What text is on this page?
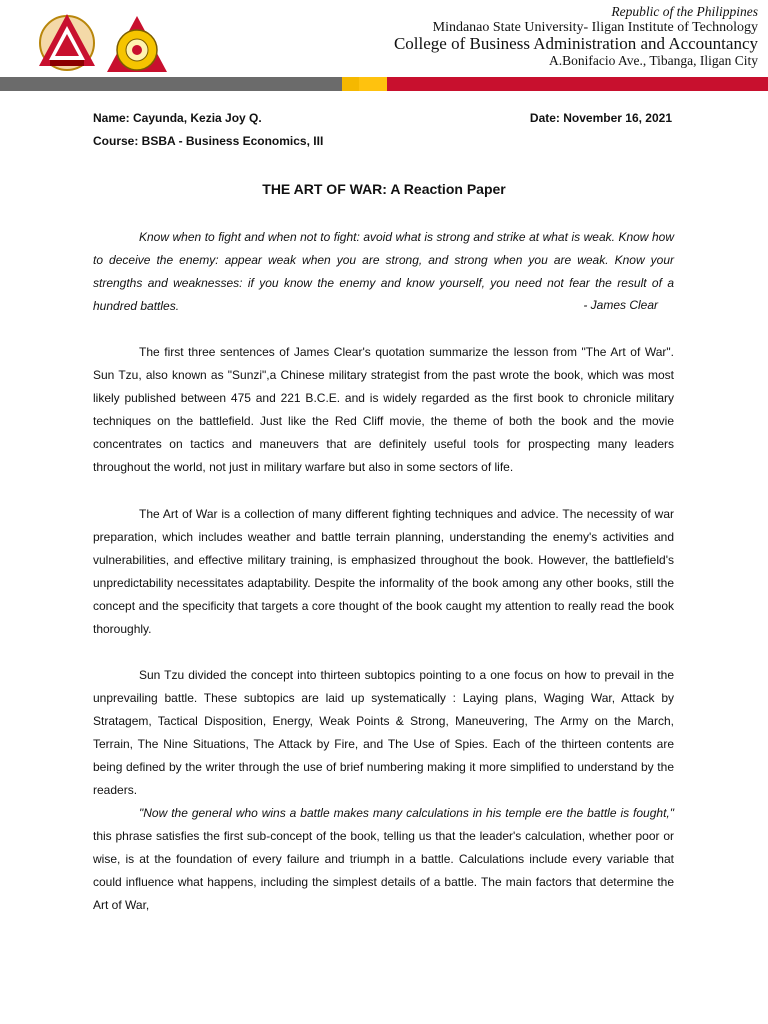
Republic of the Philippines
Mindanao State University- Iligan Institute of Technology
College of Business Administration and Accountancy
A.Bonifacio Ave., Tibanga, Iligan City
Name: Cayunda, Kezia Joy Q.	Date: November 16, 2021
Course: BSBA - Business Economics, III
THE ART OF WAR: A Reaction Paper

Know when to fight and when not to fight: avoid what is strong and strike at what is weak. Know how to deceive the enemy: appear weak when you are strong, and strong when you are weak. Know your strengths and weaknesses: if you know the enemy and know yourself, you need not fear the result of a hundred battles.	- James Clear

The first three sentences of James Clear's quotation summarize the lesson from "The Art of War". Sun Tzu, also known as "Sunzi",a Chinese military strategist from the past wrote the book, which was most likely published between 475 and 221 B.C.E. and is widely regarded as the first book to chronicle military techniques on the battlefield. Just like the Red Cliff movie, the theme of both the book and the movie concentrates on tactics and maneuvers that are definitely useful tools for prospecting many leaders throughout the world, not just in military warfare but also in some sectors of life.

The Art of War is a collection of many different fighting techniques and advice. The necessity of war preparation, which includes weather and battle terrain planning, understanding the enemy's activities and vulnerabilities, and effective military training, is emphasized throughout the book. However, the battlefield's unpredictability necessitates adaptability. Despite the informality of the book among any other books, still the concept and the specificity that targets a core thought of the book caught my attention to really read the book thoroughly.

Sun Tzu divided the concept into thirteen subtopics pointing to a one focus on how to prevail in the unprevailing battle. These subtopics are laid up systematically : Laying plans, Waging War, Attack by Stratagem, Tactical Disposition, Energy, Weak Points & Strong, Maneuvering, The Army on the March, Terrain, The Nine Situations, The Attack by Fire, and The Use of Spies. Each of the thirteen contents are being defined by the writer through the use of brief numbering making it more simplified to understand by the readers.

"Now the general who wins a battle makes many calculations in his temple ere the battle is fought," this phrase satisfies the first sub-concept of the book, telling us that the leader's calculation, whether poor or wise, is at the foundation of every failure and triumph in a battle. Calculations include every variable that could influence what happens, including the simplest details of a battle. The main factors that determine the Art of War,
